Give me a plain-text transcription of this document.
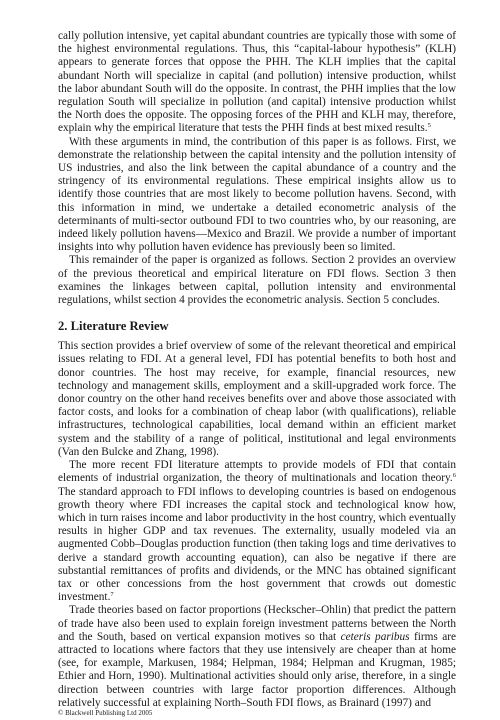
cally pollution intensive, yet capital abundant countries are typically those with some of the highest environmental regulations. Thus, this “capital-labour hypothesis” (KLH) appears to generate forces that oppose the PHH. The KLH implies that the capital abundant North will specialize in capital (and pollution) intensive production, whilst the labor abundant South will do the opposite. In contrast, the PHH implies that the low regulation South will specialize in pollution (and capital) intensive production whilst the North does the opposite. The opposing forces of the PHH and KLH may, therefore, explain why the empirical literature that tests the PHH finds at best mixed results.$^5$

With these arguments in mind, the contribution of this paper is as follows. First, we demonstrate the relationship between the capital intensity and the pollution intensity of US industries, and also the link between the capital abundance of a country and the stringency of its environmental regulations. These empirical insights allow us to identify those countries that are most likely to become pollution havens. Second, with this information in mind, we undertake a detailed econometric analysis of the determinants of multi-sector outbound FDI to two countries who, by our reasoning, are indeed likely pollution havens—Mexico and Brazil. We provide a number of important insights into why pollution haven evidence has previously been so limited.

This remainder of the paper is organized as follows. Section 2 provides an overview of the previous theoretical and empirical literature on FDI flows. Section 3 then examines the linkages between capital, pollution intensity and environmental regulations, whilst section 4 provides the econometric analysis. Section 5 concludes.

2. Literature Review

This section provides a brief overview of some of the relevant theoretical and empirical issues relating to FDI. At a general level, FDI has potential benefits to both host and donor countries. The host may receive, for example, financial resources, new technology and management skills, employment and a skill-upgraded work force. The donor country on the other hand receives benefits over and above those associated with factor costs, and looks for a combination of cheap labor (with qualifications), reliable infrastructures, technological capabilities, local demand within an efficient market system and the stability of a range of political, institutional and legal environments (Van den Bulcke and Zhang, 1998).

The more recent FDI literature attempts to provide models of FDI that contain elements of industrial organization, the theory of multinationals and location theory.$^6$ The standard approach to FDI inflows to developing countries is based on endogenous growth theory where FDI increases the capital stock and technological know how, which in turn raises income and labor productivity in the host country, which eventually results in higher GDP and tax revenues. The externality, usually modeled via an augmented Cobb–Douglas production function (then taking logs and time derivatives to derive a standard growth accounting equation), can also be negative if there are substantial remittances of profits and dividends, or the MNC has obtained significant tax or other concessions from the host government that crowds out domestic investment.$^7$

Trade theories based on factor proportions (Heckscher–Ohlin) that predict the pattern of trade have also been used to explain foreign investment patterns between the North and the South, based on vertical expansion motives so that ceteris paribus firms are attracted to locations where factors that they use intensively are cheaper than at home (see, for example, Markusen, 1984; Helpman, 1984; Helpman and Krugman, 1985; Ethier and Horn, 1990). Multinational activities should only arise, therefore, in a single direction between countries with large factor proportion differences. Although relatively successful at explaining North–South FDI flows, as Brainard (1997) and

© Blackwell Publishing Ltd 2005
